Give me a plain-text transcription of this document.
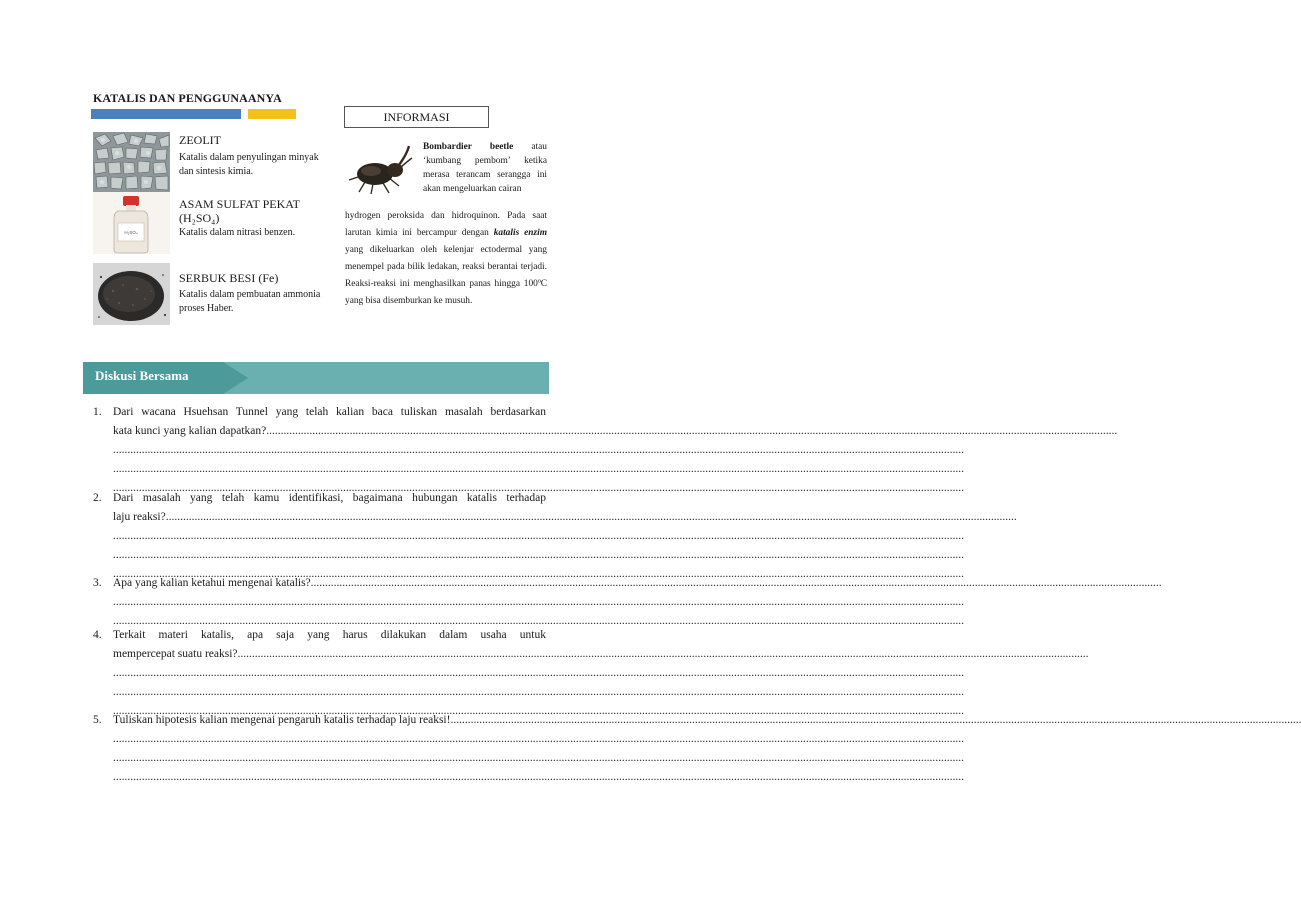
KATALIS DAN PENGGUNAANYA
ZEOLIT
Katalis dalam penyulingan minyak
dan sintesis kimia.
H₂SO₄
ASAM SULFAT PEKAT
(H₂SO₄)
Katalis dalam nitrasi benzen.
SERBUK BESI (Fe)
Katalis dalam pembuatan ammonia
proses Haber.
INFORMASI
Bombardier beetle atau ‘kumbang pembom’ ketika merasa terancam serangga ini akan mengeluarkan cairan
hydrogen peroksida dan hidroquinon. Pada saat larutan kimia ini bercampur dengan katalis enzim yang dikeluarkan oleh kelenjar ectodermal yang menempel pada bilik ledakan, reaksi berantai terjadi. Reaksi-reaksi ini menghasilkan panas hingga 100ºC yang bisa disemburkan ke musuh.
Diskusi Bersama
1. Dari wacana Hsuehsan Tunnel yang telah kalian baca tuliskan masalah berdasarkan
kata kunci yang kalian dapatkan? ........................................................................................................................................................................................................................................................................................................
........................................................................................................................................................................................................................................................................................................
........................................................................................................................................................................................................................................................................................................
........................................................................................................................................................................................................................................................................................................
2. Dari masalah yang telah kamu identifikasi, bagaimana hubungan katalis terhadap
laju reaksi? ........................................................................................................................................................................................................................................................................................................
........................................................................................................................................................................................................................................................................................................
........................................................................................................................................................................................................................................................................................................
........................................................................................................................................................................................................................................................................................................
3. Apa yang kalian ketahui mengenai katalis? ........................................................................................................................................................................................................................................................................................................
........................................................................................................................................................................................................................................................................................................
........................................................................................................................................................................................................................................................................................................
4. Terkait materi katalis, apa saja yang harus dilakukan dalam usaha untuk
mempercepat suatu reaksi? ........................................................................................................................................................................................................................................................................................................
........................................................................................................................................................................................................................................................................................................
........................................................................................................................................................................................................................................................................................................
........................................................................................................................................................................................................................................................................................................
5. Tuliskan hipotesis kalian mengenai pengaruh katalis terhadap laju reaksi! ........................................................................................................................................................................................................................................................................................................
........................................................................................................................................................................................................................................................................................................
........................................................................................................................................................................................................................................................................................................
........................................................................................................................................................................................................................................................................................................
